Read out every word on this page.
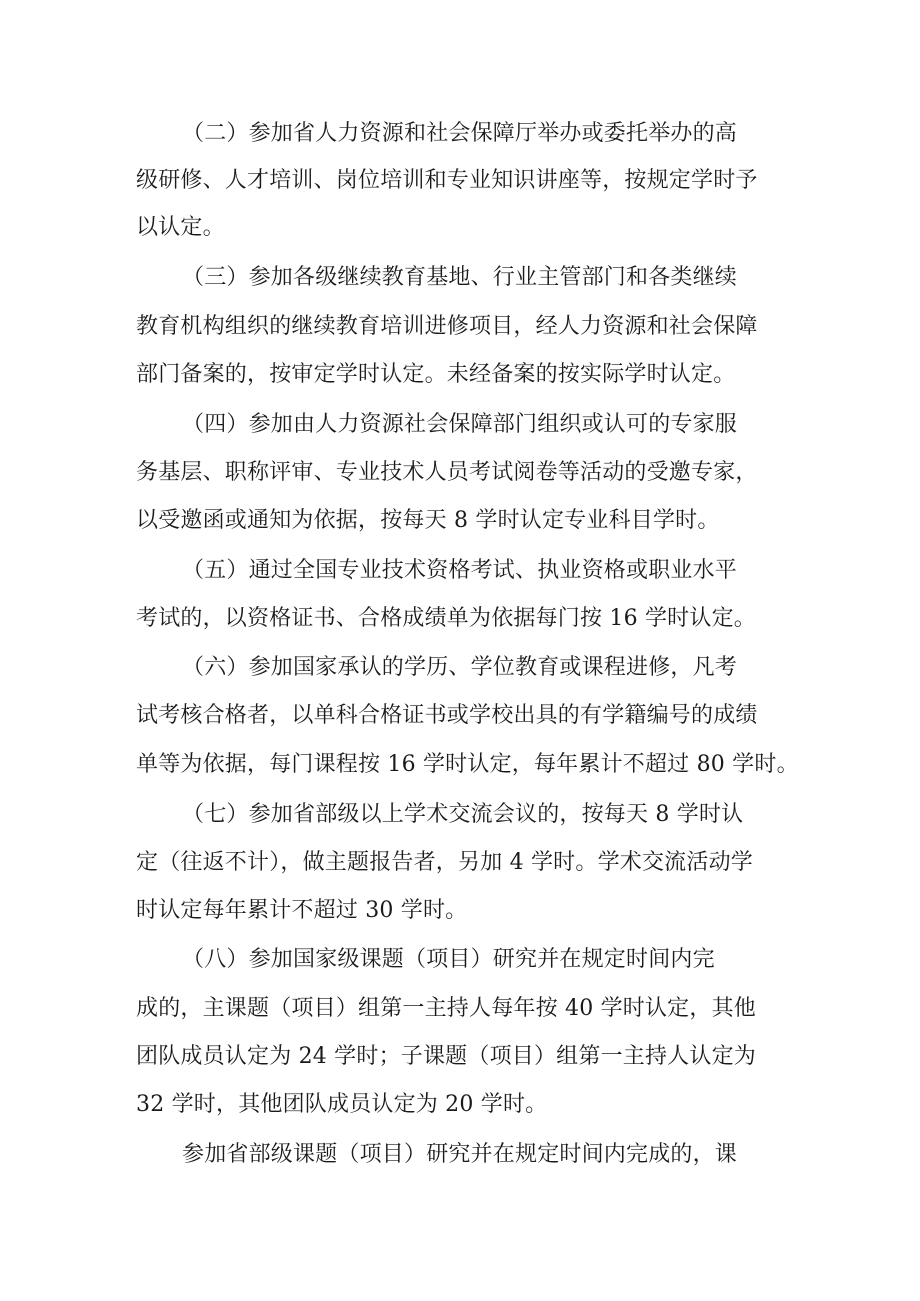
（二）参加省人力资源和社会保障厅举办或委托举办的高
级研修、人才培训、岗位培训和专业知识讲座等，按规定学时予
以认定。
（三）参加各级继续教育基地、行业主管部门和各类继续
教育机构组织的继续教育培训进修项目，经人力资源和社会保障
部门备案的，按审定学时认定。未经备案的按实际学时认定。
（四）参加由人力资源社会保障部门组织或认可的专家服
务基层、职称评审、专业技术人员考试阅卷等活动的受邀专家，
以受邀函或通知为依据，按每天 8 学时认定专业科目学时。
（五）通过全国专业技术资格考试、执业资格或职业水平
考试的，以资格证书、合格成绩单为依据每门按 16 学时认定。
（六）参加国家承认的学历、学位教育或课程进修，凡考
试考核合格者，以单科合格证书或学校出具的有学籍编号的成绩
单等为依据，每门课程按 16 学时认定，每年累计不超过 80 学时。
（七）参加省部级以上学术交流会议的，按每天 8 学时认
定（往返不计），做主题报告者，另加 4 学时。学术交流活动学
时认定每年累计不超过 30 学时。
（八）参加国家级课题（项目）研究并在规定时间内完
成的，主课题（项目）组第一主持人每年按 40 学时认定，其他
团队成员认定为 24 学时；子课题（项目）组第一主持人认定为
32 学时，其他团队成员认定为 20 学时。
参加省部级课题（项目）研究并在规定时间内完成的，课
